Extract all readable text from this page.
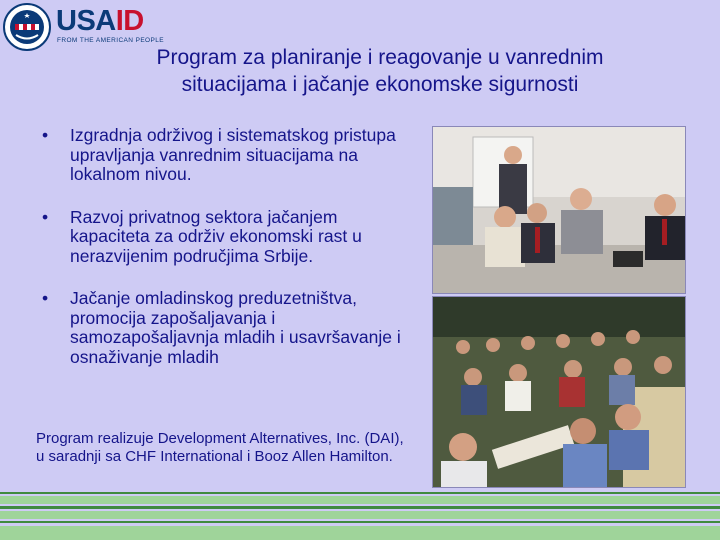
USAID
FROM THE AMERICAN PEOPLE
Program za planiranje i reagovanje u vanrednim
situacijama i jačanje ekonomske sigurnosti
• Izgradnja održivog i sistematskog pristupa upravljanja vanrednim situacijama na lokalnom nivou.
• Razvoj privatnog sektora jačanjem kapaciteta za održiv ekonomski rast u nerazvijenim područjima Srbije.
• Jačanje omladinskog preduzetništva, promocija zapošaljavanja i samozapošaljavnja mladih i usavršavanje i osnaživanje mladih
Program realizuje Development Alternatives, Inc. (DAI), u saradnji sa CHF International i Booz Allen Hamilton.
